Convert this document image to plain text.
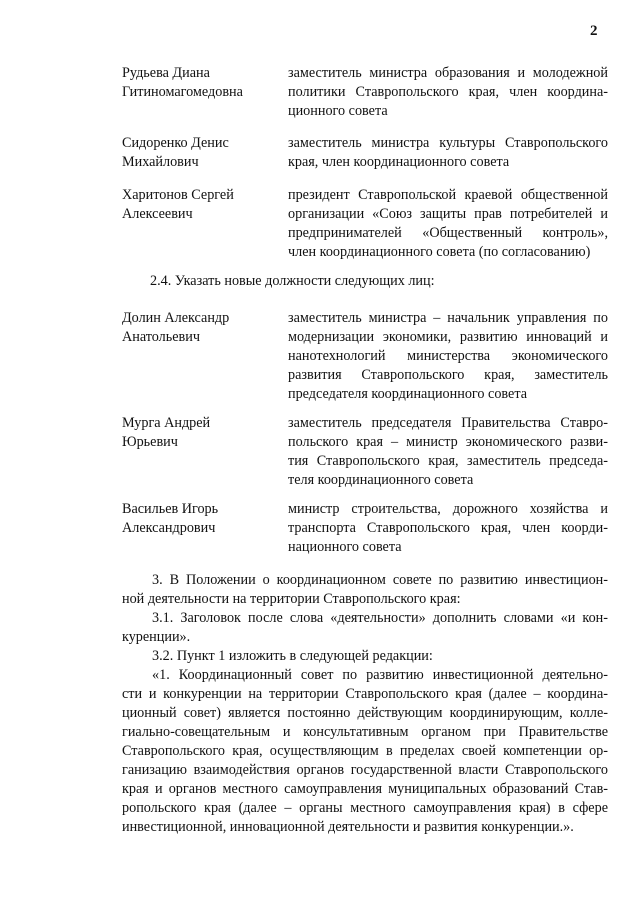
2
Рудьева Диана
Гитиномагомедовна
заместитель министра образования и молодежной
политики Ставропольского края, член координа-
ционного совета
Сидоренко Денис
Михайлович
заместитель министра культуры Ставропольского
края, член координационного совета
Харитонов Сергей
Алексеевич
президент Ставропольской краевой общественной
организации «Союз защиты прав потребителей и
предпринимателей «Общественный контроль»,
член координационного совета (по согласованию)
2.4. Указать новые должности следующих лиц:
Долин Александр
Анатольевич
заместитель министра – начальник управления по
модернизации экономики, развитию инноваций и
нанотехнологий министерства экономического
развития Ставропольского края, заместитель
председателя координационного совета
Мурга Андрей
Юрьевич
заместитель председателя Правительства Ставро-
польского края – министр экономического разви-
тия Ставропольского края, заместитель председа-
теля координационного совета
Васильев Игорь
Александрович
министр строительства, дорожного хозяйства и
транспорта Ставропольского края, член коорди-
национного совета
3. В Положении о координационном совете по развитию инвестицион-
ной деятельности на территории Ставропольского края:
3.1. Заголовок после слова «деятельности» дополнить словами «и кон-
куренции».
3.2. Пункт 1 изложить в следующей редакции:
«1. Координационный совет по развитию инвестиционной деятельно-
сти и конкуренции на территории Ставропольского края (далее – координа-
ционный совет) является постоянно действующим координирующим, колле-
гиально-совещательным и консультативным органом при Правительстве
Ставропольского края, осуществляющим в пределах своей компетенции ор-
ганизацию взаимодействия органов государственной власти Ставропольского
края и органов местного самоуправления муниципальных образований Став-
ропольского края (далее – органы местного самоуправления края) в сфере
инвестиционной, инновационной деятельности и развития конкуренции.».
